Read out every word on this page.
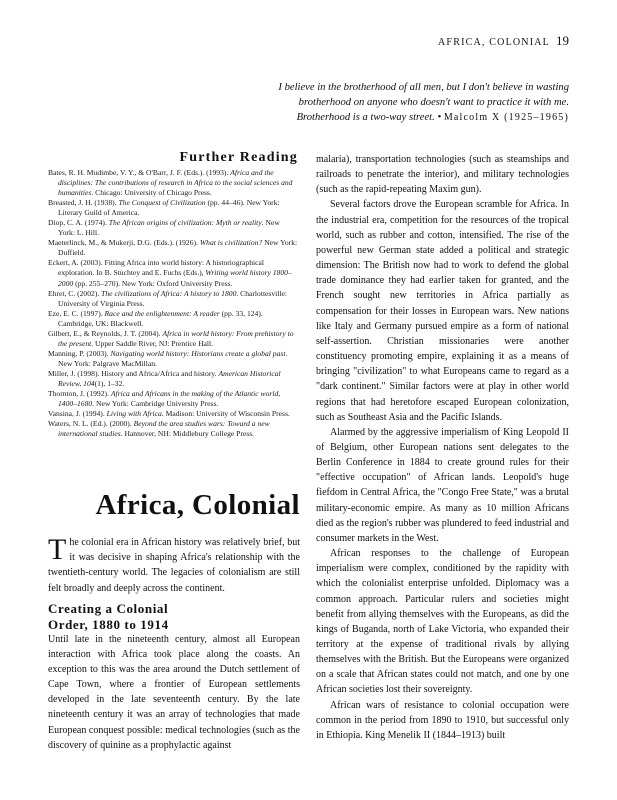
AFRICA, COLONIAL 19
I believe in the brotherhood of all men, but I don't believe in wasting
brotherhood on anyone who doesn't want to practice it with me.
Brotherhood is a two-way street. • Malcolm X (1925–1965)
Further Reading
Bates, R. H. Mudimbe, V. Y., & O'Barr, J. F. (Eds.). (1993). Africa and the disciplines: The contributions of research in Africa to the social sciences and humanities. Chicago: University of Chicago Press.
Breasted, J. H. (1938). The Conquest of Civilization (pp. 44–46). New York: Literary Guild of America.
Diop, C. A. (1974). The African origins of civilization: Myth or reality. New York: L. Hill.
Maeterlinck, M., & Mukerji, D.G. (Eds.). (1926). What is civilization? New York: Duffield.
Eckert, A. (2003). Fitting Africa into world history: A historiographical exploration. In B. Stuchtey and E. Fuchs (Eds.), Writing world history 1800–2000 (pp. 255–270). New York: Oxford University Press.
Ehret, C. (2002). The civilizations of Africa: A history to 1800. Charlottesville: University of Virginia Press.
Eze, E. C. (1997). Race and the enlightenment: A reader (pp. 33, 124). Cambridge, UK: Blackwell.
Gilbert, E., & Reynolds, J. T. (2004). Africa in world history: From prehistory to the present. Upper Saddle River, NJ: Prentice Hall.
Manning, P. (2003). Navigating world history: Historians create a global past. New York: Palgrave MacMillan.
Miller, J. (1998). History and Africa/Africa and history. American Historical Review, 104(1), 1–32.
Thornton, J. (1992). Africa and Africans in the making of the Atlantic world, 1400–1680. New York: Cambridge University Press.
Vansina, J. (1994). Living with Africa. Madison: University of Wisconsin Press.
Waters, N. L. (Ed.). (2000). Beyond the area studies wars: Toward a new international studies. Hannover, NH: Middlebury College Press.
Africa, Colonial

The colonial era in African history was relatively brief, but it was decisive in shaping Africa's relationship with the twentieth-century world. The legacies of colonialism are still felt broadly and deeply across the continent.

Creating a Colonial
Order, 1880 to 1914

Until late in the nineteenth century, almost all European interaction with Africa took place along the coasts. An exception to this was the area around the Dutch settlement of Cape Town, where a frontier of European settlements developed in the late seventeenth century. By the late nineteenth century it was an array of technologies that made European conquest possible: medical technologies (such as the discovery of quinine as a prophylactic against

malaria), transportation technologies (such as steamships and railroads to penetrate the interior), and military technologies (such as the rapid-repeating Maxim gun).

Several factors drove the European scramble for Africa. In the industrial era, competition for the resources of the tropical world, such as rubber and cotton, intensified. The rise of the powerful new German state added a political and strategic dimension: The British now had to work to defend the global trade dominance they had earlier taken for granted, and the French sought new territories in Africa partially as compensation for their losses in European wars. New nations like Italy and Germany pursued empire as a form of national self-assertion. Christian missionaries were another constituency promoting empire, explaining it as a means of bringing "civilization" to what Europeans came to regard as a "dark continent." Similar factors were at play in other world regions that had heretofore escaped European colonization, such as Southeast Asia and the Pacific Islands.

Alarmed by the aggressive imperialism of King Leopold II of Belgium, other European nations sent delegates to the Berlin Conference in 1884 to create ground rules for their "effective occupation" of African lands. Leopold's huge fiefdom in Central Africa, the "Congo Free State," was a brutal military-economic empire. As many as 10 million Africans died as the region's rubber was plundered to feed industrial and consumer markets in the West.

African responses to the challenge of European imperialism were complex, conditioned by the rapidity with which the colonialist enterprise unfolded. Diplomacy was a common approach. Particular rulers and societies might benefit from allying themselves with the Europeans, as did the kings of Buganda, north of Lake Victoria, who expanded their territory at the expense of traditional rivals by allying themselves with the British. But the Europeans were organized on a scale that African states could not match, and one by one African societies lost their sovereignty.

African wars of resistance to colonial occupation were common in the period from 1890 to 1910, but successful only in Ethiopia. King Menelik II (1844–1913) built
